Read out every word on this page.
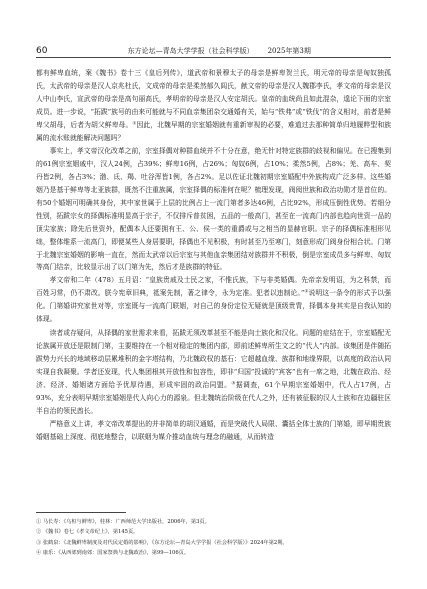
60	东方论坛—青岛大学学报（社会科学版） 2025年第3期

都有鲜卑血统，案《魏书》卷十三《皇后列传》，道武帝和景穆太子的母亲是鲜卑贺兰氏，明元帝的母亲是匈奴独孤氏，太武帝的母亲是汉人京兆杜氏，文成帝的母亲是柔然郁久闾氏，献文帝的母亲是汉人魏郡李氏，孝文帝的母亲是汉人中山李氏，宣武帝的母亲是高句丽高氏，孝明帝的母亲是汉人安定胡氏。皇帝的血统尚且如此混杂，遑论下面的宗室成员。进一步说，“拓跋”族号的由来可能就与不同血亲集团杂交通婚有关，始与“铁弗”或“铁伐”的含义相对，前者是鲜卑父胡母，后者为胡父鲜卑母。①因此，北魏早期的宗室婚姻就有重新审视的必要，难道过去那种简单归地履粹型和族属的流水账就能解决问题吗？

事实上，孝文帝汉化改革之前，宗室择偶对种群血统并不十分在意，绝无针对特定族群的歧视和偏见。在已搜集到的61例宗室姻戚中，汉人24例，占39%；鲜卑16例，占26%；匈奴6例，占10%；柔然5例，占8%；羌、高车、契丹皆2例，各占3%；渤、氐、羯、吐谷浑皆1例，各占2%。足以佐证北魏初期宗室婚配中外族构成广泛多样。这些婚姻乃是基于鲜卑等北亚族群，既然不注重族属，宗室择偶的标准何在呢？梳理发现，阀阅世族和政治功勋才是首位的。有50个婚姻可明确其身份，其中家世属于上层的比例占上一流门第者多达46例，占比92%，形成压倒性优势。若细分性别，拓跋宗女的择偶标准明显高于宗子，不仅排斥普贫困，五品的一般高门，甚至在一流高门内部也趋向世资一品的顶尖家族；除先后世资外，配偶本人还要拥有王、公、侯一类的重爵或与之相当的显赫官职。宗子的择偶标准相形见绌，整体维系一流高门，即便某些人身居要职，择偶也不见积极，有时甚至乃至寒门，刻意形成门阀身份相合状。门第于北魏宗室婚姻的影响一直在，然而太武帝以后宗室与其他血亲集团结对族群并不积极，倒是宗室成员多与鲜卑、匈奴等高门结亲，比较显示出了以门第为先，然后才是族群的特征。

孝文帝和二年（478）五月诏：“皇族贵戚及士民之家，不惟氏族，下与非类婚偶。先帝亲发明诏，为之科禁，而百姓习常，仍不肃改。朕今宪章旧典，祗案先制，著之律令，永为定准。犯者以违制论。”②说明这一条令的形式予以强化。门第婚讲究家世对等，宗室既与一流高门联姻，对自己的身份定位无疑就是顶级贵胄，择偶本身其实是自我认知的体现。

读者或存疑问，从择偶的家世需求来看，拓跋无须改革甚至不能是向士族化和汉化。问题的症结在于，宗室婚配无论族属开放还是限制门第，主要维持在一个相对稳定的集团内部，即前述鲜卑所生文之的“代人”内部。该集团是伴随拓跋势力兴长的地域移动层累堆积的金字塔结构，乃北魏政权的基石：它超越血缘、族群和地缘界限，以高度的政治认同实现自我凝聚。学者还发现，代人集团根其开放性和包容性，即非“归国”投诚的“宾客”也有一席之地，北魏在政治、经济、经济、婚姻诸方面给予优厚待遇，形成牢固的政治同盟。③据调查，61个早期宗室婚姻中，代人占17例，占93%，充分表明早期宗室婚姻是代人向心力的源泉。但北魏统治阶级在代人之外，还有被征服的汉人士族和在边疆驻区半自治的领民酋长。

严格意义上讲，孝文帝改革提出的并非简单的胡汉通婚，而是突破代人局限、囊括全体士族的门第婚，即早期贵族婚姻基础上深度、彻底地整合，以联姻为媒介推动血统与理念的融通，从而转造

① 马长寿：《乌桓与鲜卑》，桂林：广西师范大学出版社，2006年，第3页。
② 《魏书》卷七《孝文帝纪上》，第145页。
③ 张鹤泉：《北魏鲜卑制度及对代民定婚的影响》，《东方论坛—青岛大学学报（社会科学版）》2024年第2期。
④ 康乐：《从西郊到南郊：国家祭典与北魏政治》，第99—106页。
